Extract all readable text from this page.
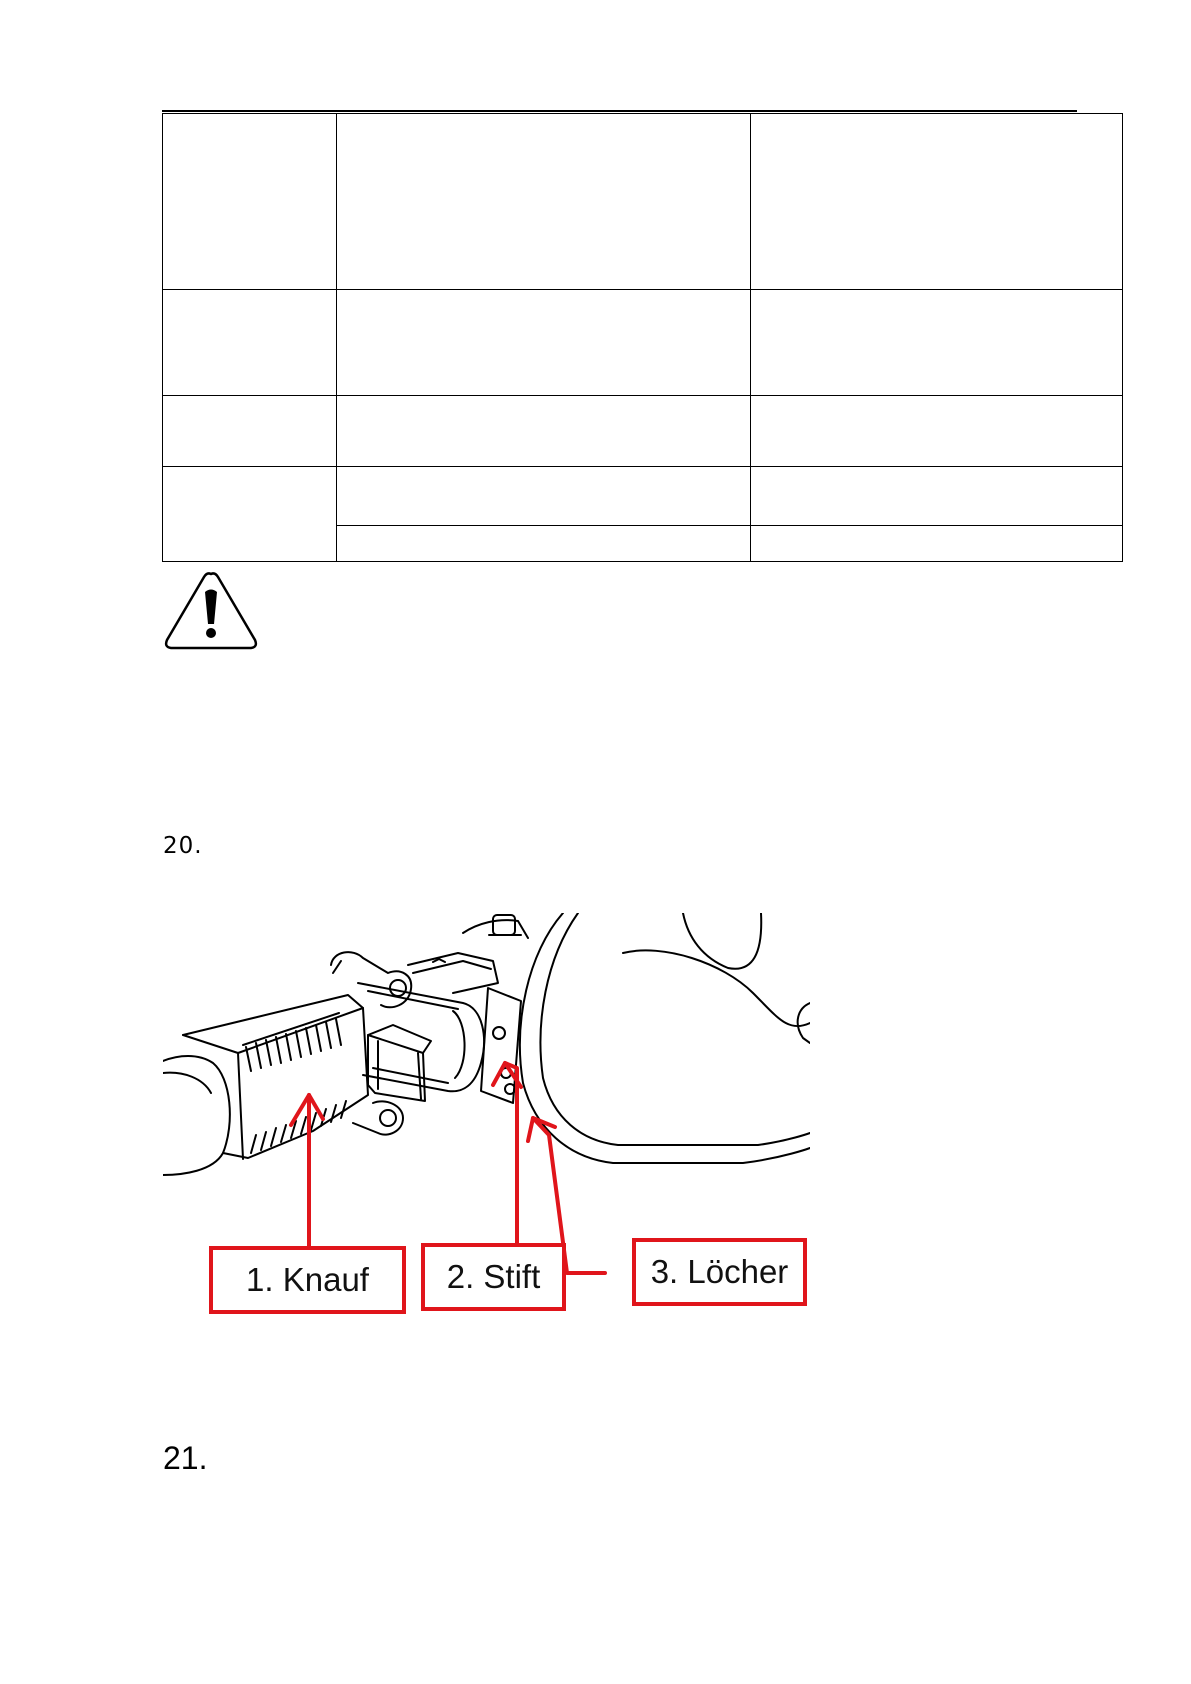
20.
1. Knauf	2. Stift	3. Löcher
21.
